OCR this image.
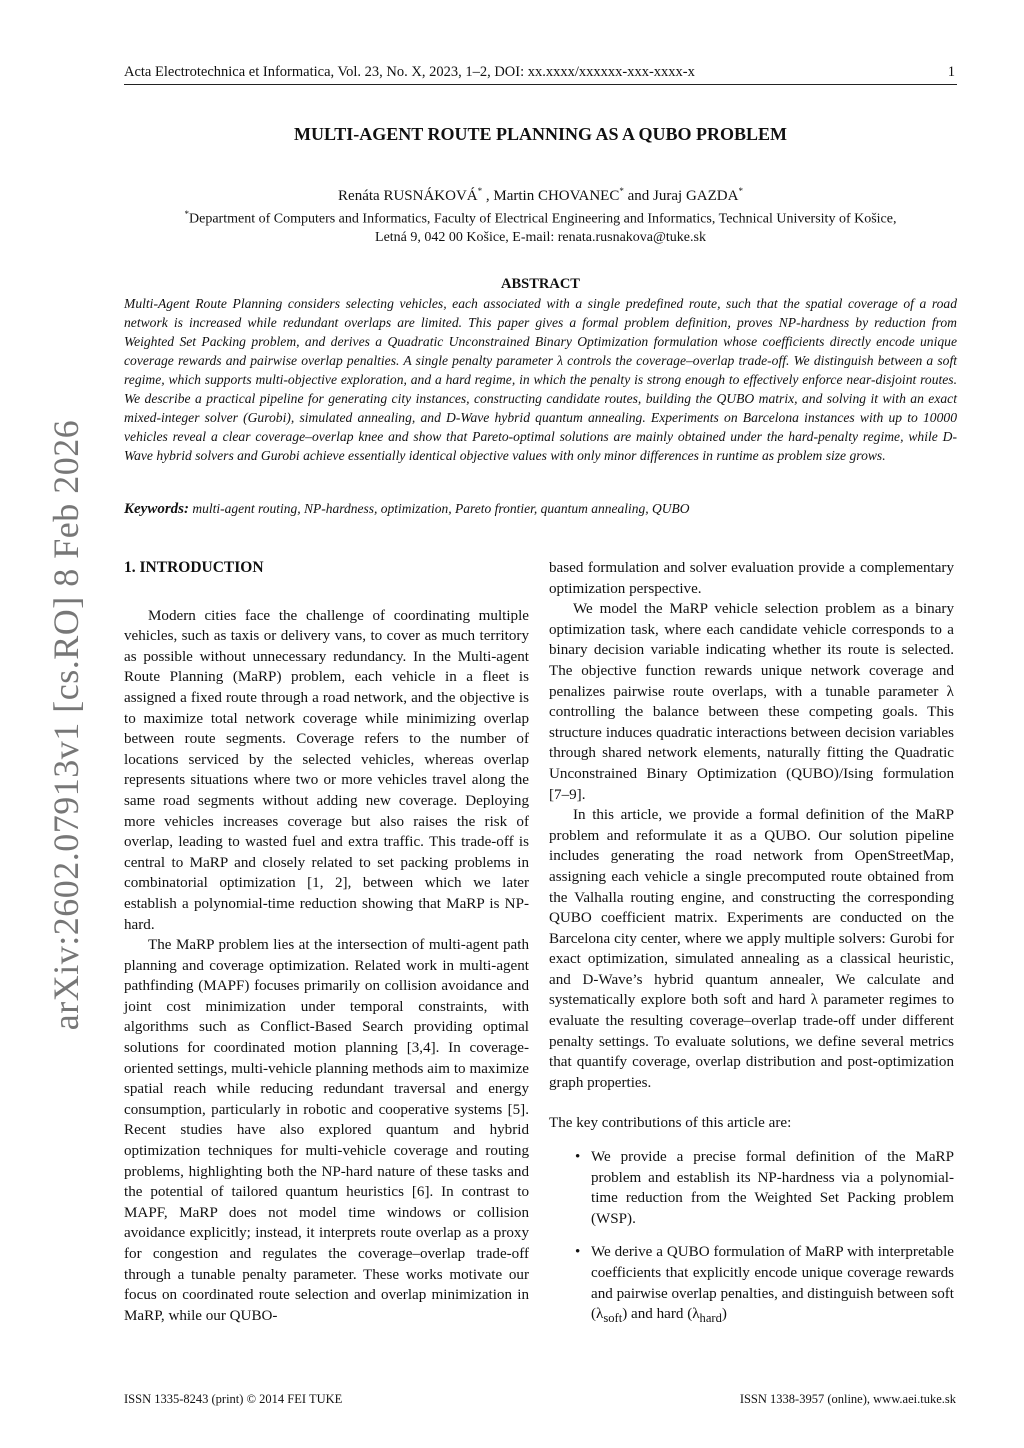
Acta Electrotechnica et Informatica, Vol. 23, No. X, 2023, 1–2, DOI: xx.xxxx/xxxxxx-xxx-xxxx-x	1
arXiv:2602.07913v1 [cs.RO] 8 Feb 2026
MULTI-AGENT ROUTE PLANNING AS A QUBO PROBLEM
Renáta RUSNÁKOVÁ* , Martin CHOVANEC* and Juraj GAZDA*
*Department of Computers and Informatics, Faculty of Electrical Engineering and Informatics, Technical University of Košice,
Letná 9, 042 00 Košice, E-mail: renata.rusnakova@tuke.sk
ABSTRACT

Multi-Agent Route Planning considers selecting vehicles, each associated with a single predefined route, such that the spatial coverage of a road network is increased while redundant overlaps are limited. This paper gives a formal problem definition, proves NP-hardness by reduction from Weighted Set Packing problem, and derives a Quadratic Unconstrained Binary Optimization formulation whose coefficients directly encode unique coverage rewards and pairwise overlap penalties. A single penalty parameter λ controls the coverage–overlap trade-off. We distinguish between a soft regime, which supports multi-objective exploration, and a hard regime, in which the penalty is strong enough to effectively enforce near-disjoint routes. We describe a practical pipeline for generating city instances, constructing candidate routes, building the QUBO matrix, and solving it with an exact mixed-integer solver (Gurobi), simulated annealing, and D-Wave hybrid quantum annealing. Experiments on Barcelona instances with up to 10000 vehicles reveal a clear coverage–overlap knee and show that Pareto-optimal solutions are mainly obtained under the hard-penalty regime, while D-Wave hybrid solvers and Gurobi achieve essentially identical objective values with only minor differences in runtime as problem size grows.

Keywords: multi-agent routing, NP-hardness, optimization, Pareto frontier, quantum annealing, QUBO
1. INTRODUCTION

Modern cities face the challenge of coordinating multiple vehicles, such as taxis or delivery vans, to cover as much territory as possible without unnecessary redundancy. In the Multi-agent Route Planning (MaRP) problem, each vehicle in a fleet is assigned a fixed route through a road network, and the objective is to maximize total network coverage while minimizing overlap between route segments. Coverage refers to the number of locations serviced by the selected vehicles, whereas overlap represents situations where two or more vehicles travel along the same road segments without adding new coverage. Deploying more vehicles increases coverage but also raises the risk of overlap, leading to wasted fuel and extra traffic. This trade-off is central to MaRP and closely related to set packing problems in combinatorial optimization [1, 2], between which we later establish a polynomial-time reduction showing that MaRP is NP-hard.

The MaRP problem lies at the intersection of multi-agent path planning and coverage optimization. Related work in multi-agent pathfinding (MAPF) focuses primarily on collision avoidance and joint cost minimization under temporal constraints, with algorithms such as Conflict-Based Search providing optimal solutions for coordinated motion planning [3,4]. In coverage-oriented settings, multi-vehicle planning methods aim to maximize spatial reach while reducing redundant traversal and energy consumption, particularly in robotic and cooperative systems [5]. Recent studies have also explored quantum and hybrid optimization techniques for multi-vehicle coverage and routing problems, highlighting both the NP-hard nature of these tasks and the potential of tailored quantum heuristics [6]. In contrast to MAPF, MaRP does not model time windows or collision avoidance explicitly; instead, it interprets route overlap as a proxy for congestion and regulates the coverage–overlap trade-off through a tunable penalty parameter. These works motivate our focus on coordinated route selection and overlap minimization in MaRP, while our QUBO-

based formulation and solver evaluation provide a complementary optimization perspective.

We model the MaRP vehicle selection problem as a binary optimization task, where each candidate vehicle corresponds to a binary decision variable indicating whether its route is selected. The objective function rewards unique network coverage and penalizes pairwise route overlaps, with a tunable parameter λ controlling the balance between these competing goals. This structure induces quadratic interactions between decision variables through shared network elements, naturally fitting the Quadratic Unconstrained Binary Optimization (QUBO)/Ising formulation [7–9].

In this article, we provide a formal definition of the MaRP problem and reformulate it as a QUBO. Our solution pipeline includes generating the road network from OpenStreetMap, assigning each vehicle a single precomputed route obtained from the Valhalla routing engine, and constructing the corresponding QUBO coefficient matrix. Experiments are conducted on the Barcelona city center, where we apply multiple solvers: Gurobi for exact optimization, simulated annealing as a classical heuristic, and D-Wave’s hybrid quantum annealer, We calculate and systematically explore both soft and hard λ parameter regimes to evaluate the resulting coverage–overlap trade-off under different penalty settings. To evaluate solutions, we define several metrics that quantify coverage, overlap distribution and post-optimization graph properties.

The key contributions of this article are:

• We provide a precise formal definition of the MaRP problem and establish its NP-hardness via a polynomial-time reduction from the Weighted Set Packing problem (WSP).
• We derive a QUBO formulation of MaRP with interpretable coefficients that explicitly encode unique coverage rewards and pairwise overlap penalties, and distinguish between soft $(\lambda_{soft})$ and hard $(\lambda_{hard})$
ISSN 1335-8243 (print) © 2014 FEI TUKE	ISSN 1338-3957 (online), www.aei.tuke.sk
